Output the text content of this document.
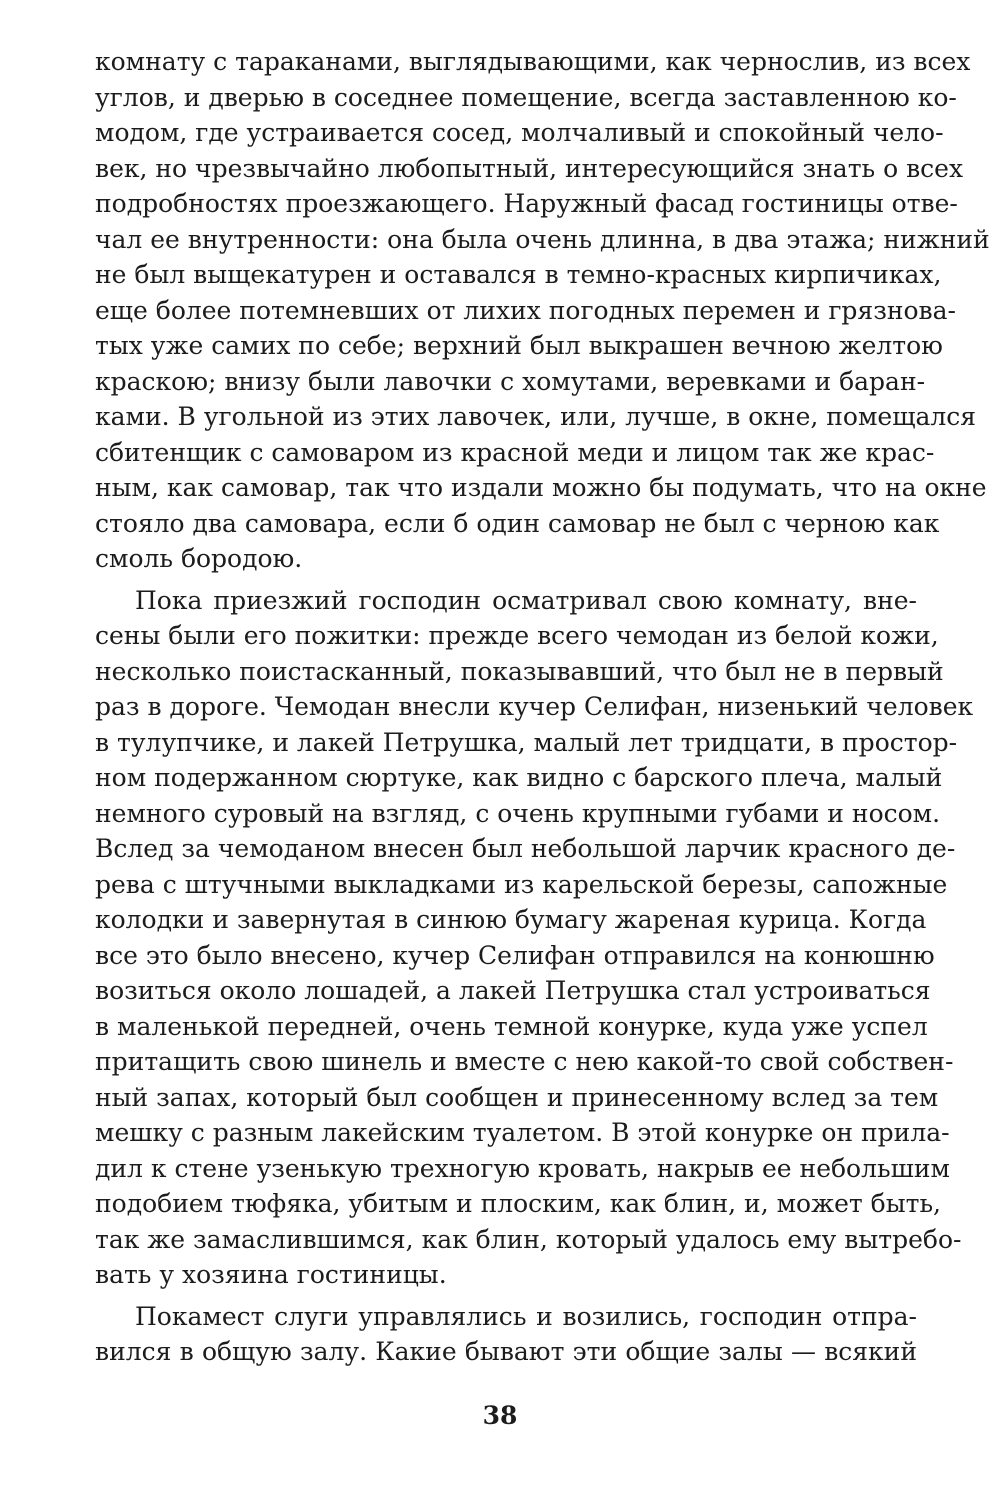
комнату с тараканами, выглядывающими, как чернослив, из всех
углов, и дверью в соседнее помещение, всегда заставленною ко-
модом, где устраивается сосед, молчаливый и спокойный чело-
век, но чрезвычайно любопытный, интересующийся знать о всех
подробностях проезжающего. Наружный фасад гостиницы отве-
чал ее внутренности: она была очень длинна, в два этажа; нижний
не был выщекатурен и оставался в темно-красных кирпичиках,
еще более потемневших от лихих погодных перемен и грязнова-
тых уже самих по себе; верхний был выкрашен вечною желтою
краскою; внизу были лавочки с хомутами, веревками и баран-
ками. В угольной из этих лавочек, или, лучше, в окне, помещался
сбитенщик с самоваром из красной меди и лицом так же крас-
ным, как самовар, так что издали можно бы подумать, что на окне
стояло два самовара, если б один самовар не был с черною как
смоль бородою.
Пока приезжий господин осматривал свою комнату, вне-
сены были его пожитки: прежде всего чемодан из белой кожи,
несколько поистасканный, показывавший, что был не в первый
раз в дороге. Чемодан внесли кучер Селифан, низенький человек
в тулупчике, и лакей Петрушка, малый лет тридцати, в простор-
ном подержанном сюртуке, как видно с барского плеча, малый
немного суровый на взгляд, с очень крупными губами и носом.
Вслед за чемоданом внесен был небольшой ларчик красного де-
рева с штучными выкладками из карельской березы, сапожные
колодки и завернутая в синюю бумагу жареная курица. Когда
все это было внесено, кучер Селифан отправился на конюшню
возиться около лошадей, а лакей Петрушка стал устроиваться
в маленькой передней, очень темной конурке, куда уже успел
притащить свою шинель и вместе с нею какой-то свой собствен-
ный запах, который был сообщен и принесенному вслед за тем
мешку с разным лакейским туалетом. В этой конурке он прила-
дил к стене узенькую трехногую кровать, накрыв ее небольшим
подобием тюфяка, убитым и плоским, как блин, и, может быть,
так же замаслившимся, как блин, который удалось ему вытребо-
вать у хозяина гостиницы.
Покамест слуги управлялись и возились, господин отпра-
вился в общую залу. Какие бывают эти общие залы — всякий
38
